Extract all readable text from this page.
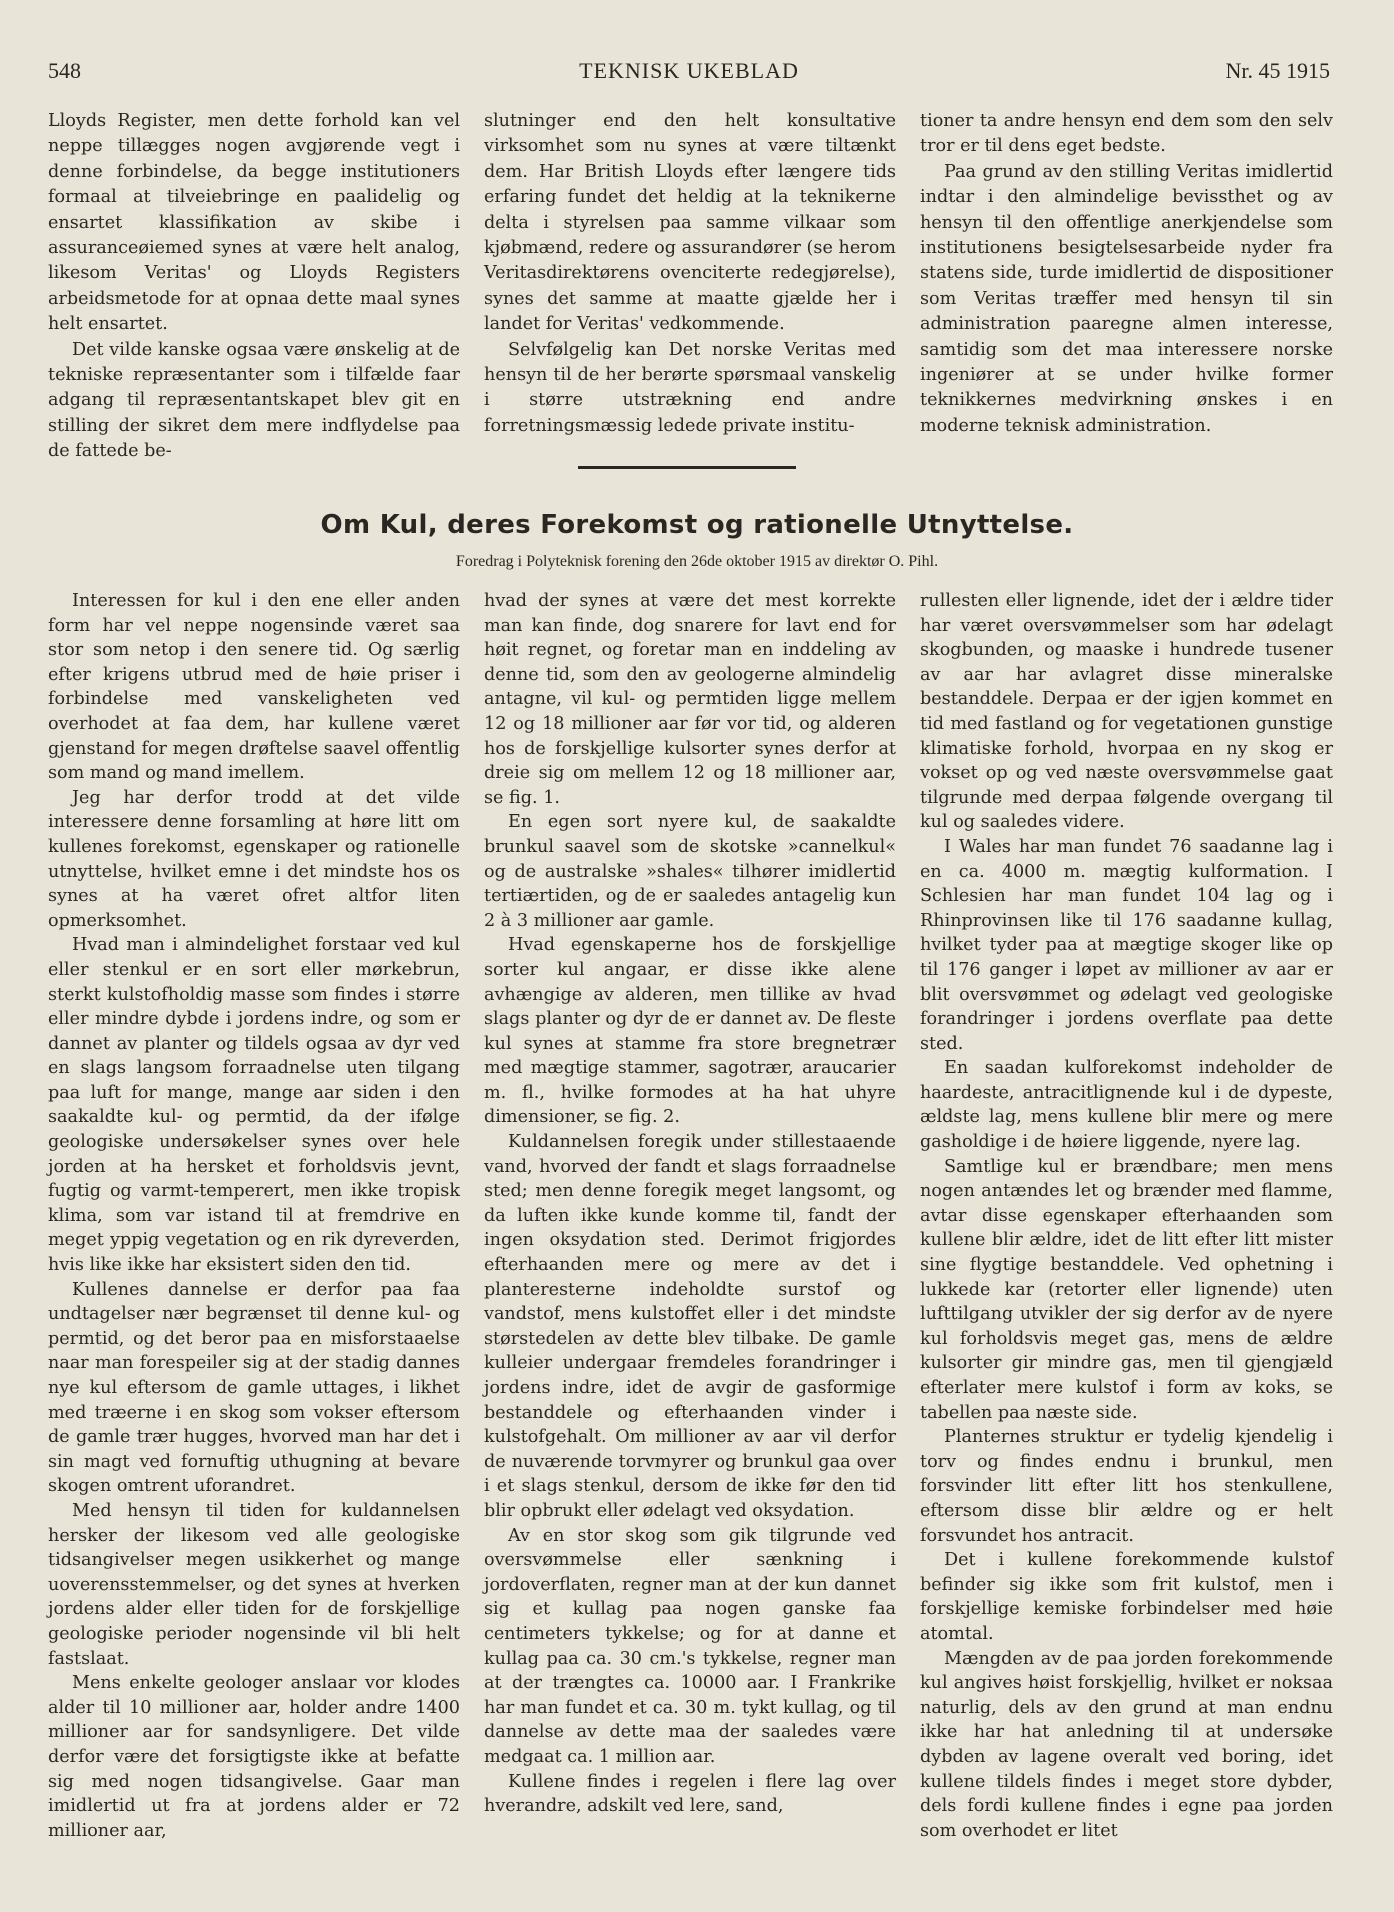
548	TEKNISK UKEBLAD	Nr. 45 1915

Lloyds Register, men dette forhold kan vel neppe tillægges nogen avgjørende vegt i denne forbindelse, da begge institutioners formaal at tilveiebringe en paalidelig og ensartet klassifikation av skibe i assuranceøiemed synes at være helt analog, likesom Veritas' og Lloyds Registers arbeidsmetode for at opnaa dette maal synes helt ensartet.

Det vilde kanske ogsaa være ønskelig at de tekniske repræsentanter som i tilfælde faar adgang til repræsentantskapet blev git en stilling der sikret dem mere indflydelse paa de fattede be-

slutninger end den helt konsultative virksomhet som nu synes at være tiltænkt dem. Har British Lloyds efter længere tids erfaring fundet det heldig at la teknikerne delta i styrelsen paa samme vilkaar som kjøbmænd, redere og assurandører (se herom Veritasdirektørens ovenciterte redegjørelse), synes det samme at maatte gjælde her i landet for Veritas' vedkommende.

Selvfølgelig kan Det norske Veritas med hensyn til de her berørte spørsmaal vanskelig i større utstrækning end andre forretningsmæssig ledede private institu-

tioner ta andre hensyn end dem som den selv tror er til dens eget bedste.

Paa grund av den stilling Veritas imidlertid indtar i den almindelige bevissthet og av hensyn til den offentlige anerkjendelse som institutionens besigtelsesarbeide nyder fra statens side, turde imidlertid de dispositioner som Veritas træffer med hensyn til sin administration paaregne almen interesse, samtidig som det maa interessere norske ingeniører at se under hvilke former teknikkernes medvirkning ønskes i en moderne teknisk administration.

Om Kul, deres Forekomst og rationelle Utnyttelse.
Foredrag i Polyteknisk forening den 26de oktober 1915 av direktør O. Pihl.

Interessen for kul i den ene eller anden form har vel neppe nogensinde været saa stor som netop i den senere tid. Og særlig efter krigens utbrud med de høie priser i forbindelse med vanskeligheten ved overhodet at faa dem, har kullene været gjenstand for megen drøftelse saavel offentlig som mand og mand imellem.

Jeg har derfor trodd at det vilde interessere denne forsamling at høre litt om kullenes forekomst, egenskaper og rationelle utnyttelse, hvilket emne i det mindste hos os synes at ha været ofret altfor liten opmerksomhet.

Hvad man i almindelighet forstaar ved kul eller stenkul er en sort eller mørkebrun, sterkt kulstofholdig masse som findes i større eller mindre dybde i jordens indre, og som er dannet av planter og tildels ogsaa av dyr ved en slags langsom forraadnelse uten tilgang paa luft for mange, mange aar siden i den saakaldte kul- og permtid, da der ifølge geologiske undersøkelser synes over hele jorden at ha hersket et forholdsvis jevnt, fugtig og varmt-temperert, men ikke tropisk klima, som var istand til at fremdrive en meget yppig vegetation og en rik dyreverden, hvis like ikke har eksistert siden den tid.

Kullenes dannelse er derfor paa faa undtagelser nær begrænset til denne kul- og permtid, og det beror paa en misforstaaelse naar man forespeiler sig at der stadig dannes nye kul eftersom de gamle uttages, i likhet med træerne i en skog som vokser eftersom de gamle trær hugges, hvorved man har det i sin magt ved fornuftig uthugning at bevare skogen omtrent uforandret.

Med hensyn til tiden for kuldannelsen hersker der likesom ved alle geologiske tidsangivelser megen usikkerhet og mange uoverensstemmelser, og det synes at hverken jordens alder eller tiden for de forskjellige geologiske perioder nogensinde vil bli helt fastslaat.

Mens enkelte geologer anslaar vor klodes alder til 10 millioner aar, holder andre 1400 millioner aar for sandsynligere. Det vilde derfor være det forsigtigste ikke at befatte sig med nogen tidsangivelse. Gaar man imidlertid ut fra at jordens alder er 72 millioner aar,

hvad der synes at være det mest korrekte man kan finde, dog snarere for lavt end for høit regnet, og foretar man en inddeling av denne tid, som den av geologerne almindelig antagne, vil kul- og permtiden ligge mellem 12 og 18 millioner aar før vor tid, og alderen hos de forskjellige kulsorter synes derfor at dreie sig om mellem 12 og 18 millioner aar, se fig. 1.

En egen sort nyere kul, de saakaldte brunkul saavel som de skotske »cannelkul« og de australske »shales« tilhører imidlertid tertiærtiden, og de er saaledes antagelig kun 2 à 3 millioner aar gamle.

Hvad egenskaperne hos de forskjellige sorter kul angaar, er disse ikke alene avhængige av alderen, men tillike av hvad slags planter og dyr de er dannet av. De fleste kul synes at stamme fra store bregnetrær med mægtige stammer, sagotrær, araucarier m. fl., hvilke formodes at ha hat uhyre dimensioner, se fig. 2.

Kuldannelsen foregik under stillestaaende vand, hvorved der fandt et slags forraadnelse sted; men denne foregik meget langsomt, og da luften ikke kunde komme til, fandt der ingen oksydation sted. Derimot frigjordes efterhaanden mere og mere av det i planteresterne indeholdte surstof og vandstof, mens kulstoffet eller i det mindste størstedelen av dette blev tilbake. De gamle kulleier undergaar fremdeles forandringer i jordens indre, idet de avgir de gasformige bestanddele og efterhaanden vinder i kulstofgehalt. Om millioner av aar vil derfor de nuværende torvmyrer og brunkul gaa over i et slags stenkul, dersom de ikke før den tid blir opbrukt eller ødelagt ved oksydation.

Av en stor skog som gik tilgrunde ved oversvømmelse eller sænkning i jordoverflaten, regner man at der kun dannet sig et kullag paa nogen ganske faa centimeters tykkelse; og for at danne et kullag paa ca. 30 cm.'s tykkelse, regner man at der trængtes ca. 10000 aar. I Frankrike har man fundet et ca. 30 m. tykt kullag, og til dannelse av dette maa der saaledes være medgaat ca. 1 million aar.

Kullene findes i regelen i flere lag over hverandre, adskilt ved lere, sand,

rullesten eller lignende, idet der i ældre tider har været oversvømmelser som har ødelagt skogbunden, og maaske i hundrede tusener av aar har avlagret disse mineralske bestanddele. Derpaa er der igjen kommet en tid med fastland og for vegetationen gunstige klimatiske forhold, hvorpaa en ny skog er vokset op og ved næste oversvømmelse gaat tilgrunde med derpaa følgende overgang til kul og saaledes videre.

I Wales har man fundet 76 saadanne lag i en ca. 4000 m. mægtig kulformation. I Schlesien har man fundet 104 lag og i Rhinprovinsen like til 176 saadanne kullag, hvilket tyder paa at mægtige skoger like op til 176 ganger i løpet av millioner av aar er blit oversvømmet og ødelagt ved geologiske forandringer i jordens overflate paa dette sted.

En saadan kulforekomst indeholder de haardeste, antracitlignende kul i de dypeste, ældste lag, mens kullene blir mere og mere gasholdige i de høiere liggende, nyere lag.

Samtlige kul er brændbare; men mens nogen antændes let og brænder med flamme, avtar disse egenskaper efterhaanden som kullene blir ældre, idet de litt efter litt mister sine flygtige bestanddele. Ved ophetning i lukkede kar (retorter eller lignende) uten lufttilgang utvikler der sig derfor av de nyere kul forholdsvis meget gas, mens de ældre kulsorter gir mindre gas, men til gjengjæld efterlater mere kulstof i form av koks, se tabellen paa næste side.

Planternes struktur er tydelig kjendelig i torv og findes endnu i brunkul, men forsvinder litt efter litt hos stenkullene, eftersom disse blir ældre og er helt forsvundet hos antracit.

Det i kullene forekommende kulstof befinder sig ikke som frit kulstof, men i forskjellige kemiske forbindelser med høie atomtal.

Mængden av de paa jorden forekommende kul angives høist forskjellig, hvilket er noksaa naturlig, dels av den grund at man endnu ikke har hat anledning til at undersøke dybden av lagene overalt ved boring, idet kullene tildels findes i meget store dybder, dels fordi kullene findes i egne paa jorden som overhodet er litet
